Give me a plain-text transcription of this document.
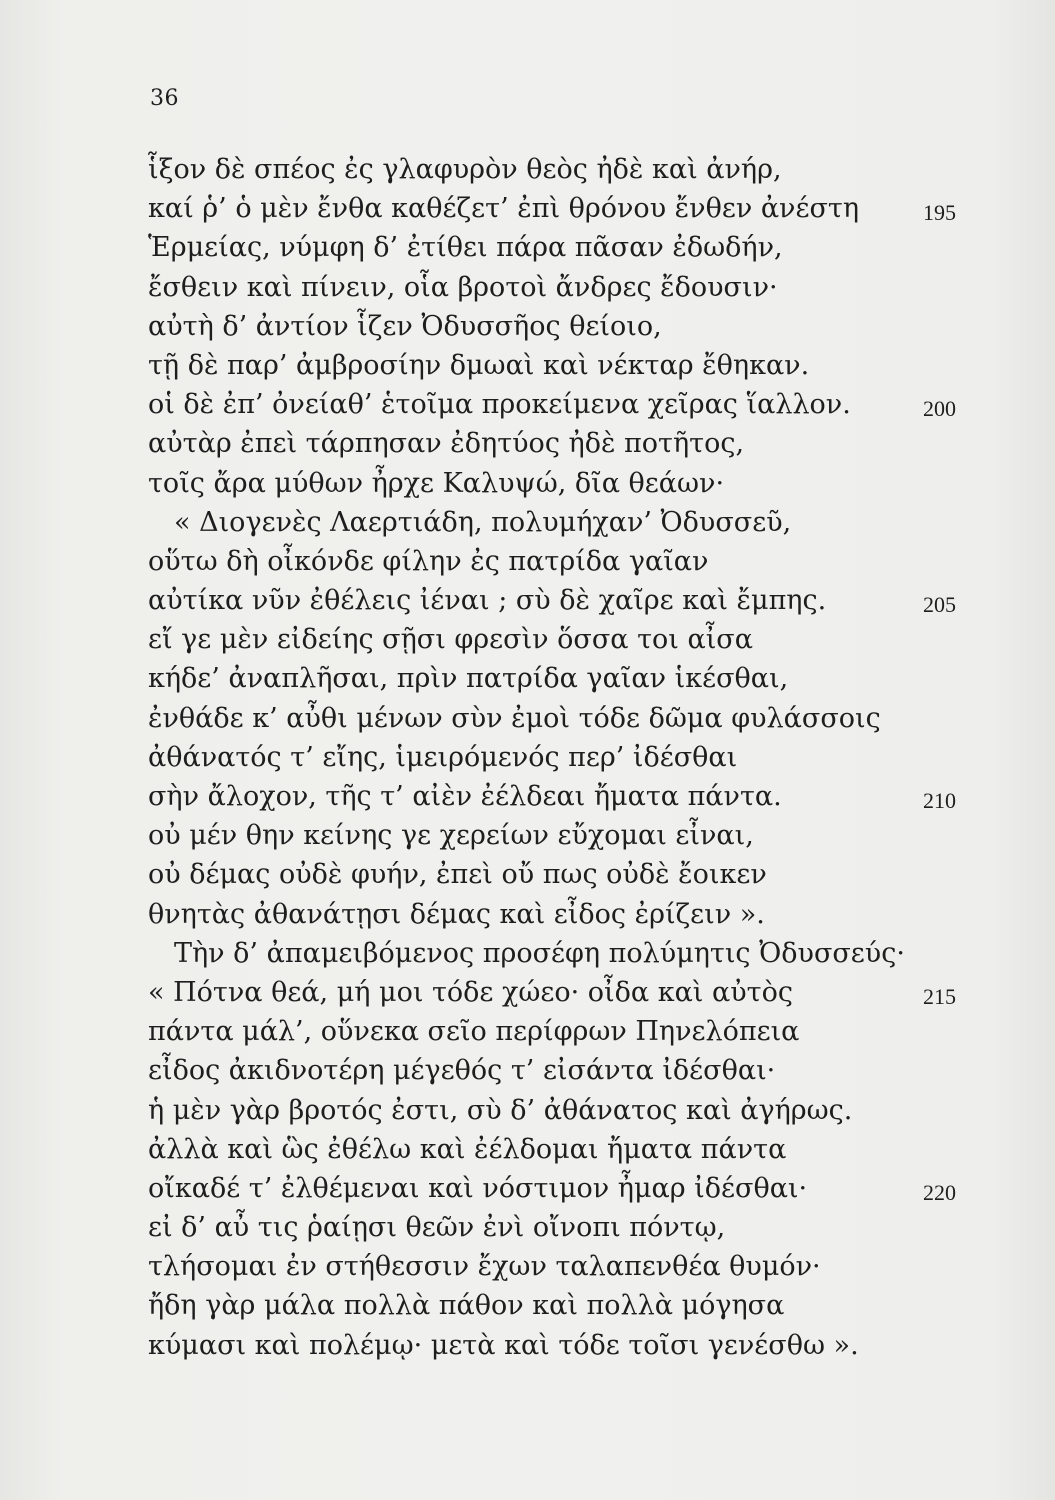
36
ἷξον δὲ σπέος ἐς γλαφυρὸν θεὸς ἠδὲ καὶ ἀνήρ,
καί ῥ’ ὁ μὲν ἔνθα καθέζετ’ ἐπὶ θρόνου ἔνθεν ἀνέστη	195
Ἑρμείας, νύμφη δ’ ἐτίθει πάρα πᾶσαν ἐδωδήν,
ἔσθειν καὶ πίνειν, οἷα βροτοὶ ἄνδρες ἔδουσιν·
αὐτὴ δ’ ἀντίον ἷζεν Ὀδυσσῆος θείοιο,
τῇ δὲ παρ’ ἀμβροσίην δμωαὶ καὶ νέκταρ ἔθηκαν.
οἱ δὲ ἐπ’ ὀνείαθ’ ἑτοῖμα προκείμενα χεῖρας ἵαλλον.	200
αὐτὰρ ἐπεὶ τάρπησαν ἐδητύος ἠδὲ ποτῆτος,
τοῖς ἄρα μύθων ἦρχε Καλυψώ, δῖα θεάων·
« Διογενὲς Λαερτιάδη, πολυμήχαν’ Ὀδυσσεῦ,
οὕτω δὴ οἶκόνδε φίλην ἐς πατρίδα γαῖαν
αὐτίκα νῦν ἐθέλεις ἰέναι ; σὺ δὲ χαῖρε καὶ ἔμπης.	205
εἴ γε μὲν εἰδείης σῇσι φρεσὶν ὅσσα τοι αἶσα
κήδε’ ἀναπλῆσαι, πρὶν πατρίδα γαῖαν ἱκέσθαι,
ἐνθάδε κ’ αὖθι μένων σὺν ἐμοὶ τόδε δῶμα φυλάσσοις
ἀθάνατός τ’ εἴης, ἱμειρόμενός περ’ ἰδέσθαι
σὴν ἄλοχον, τῆς τ’ αἰὲν ἐέλδεαι ἤματα πάντα.	210
οὐ μέν θην κείνης γε χερείων εὔχομαι εἶναι,
οὐ δέμας οὐδὲ φυήν, ἐπεὶ οὔ πως οὐδὲ ἔοικεν
θνητὰς ἀθανάτῃσι δέμας καὶ εἶδος ἐρίζειν ».
Τὴν δ’ ἀπαμειβόμενος προσέφη πολύμητις Ὀδυσσεύς·
« Πότνα θεά, μή μοι τόδε χώεο· οἶδα καὶ αὐτὸς	215
πάντα μάλ’, οὕνεκα σεῖο περίφρων Πηνελόπεια
εἶδος ἀκιδνοτέρη μέγεθός τ’ εἰσάντα ἰδέσθαι·
ἡ μὲν γὰρ βροτός ἐστι, σὺ δ’ ἀθάνατος καὶ ἀγήρως.
ἀλλὰ καὶ ὣς ἐθέλω καὶ ἐέλδομαι ἤματα πάντα
οἴκαδέ τ’ ἐλθέμεναι καὶ νόστιμον ἦμαρ ἰδέσθαι·	220
εἰ δ’ αὖ τις ῥαίῃσι θεῶν ἐνὶ οἴνοπι πόντῳ,
τλήσομαι ἐν στήθεσσιν ἔχων ταλαπενθέα θυμόν·
ἤδη γὰρ μάλα πολλὰ πάθον καὶ πολλὰ μόγησα
κύμασι καὶ πολέμῳ· μετὰ καὶ τόδε τοῖσι γενέσθω ».
